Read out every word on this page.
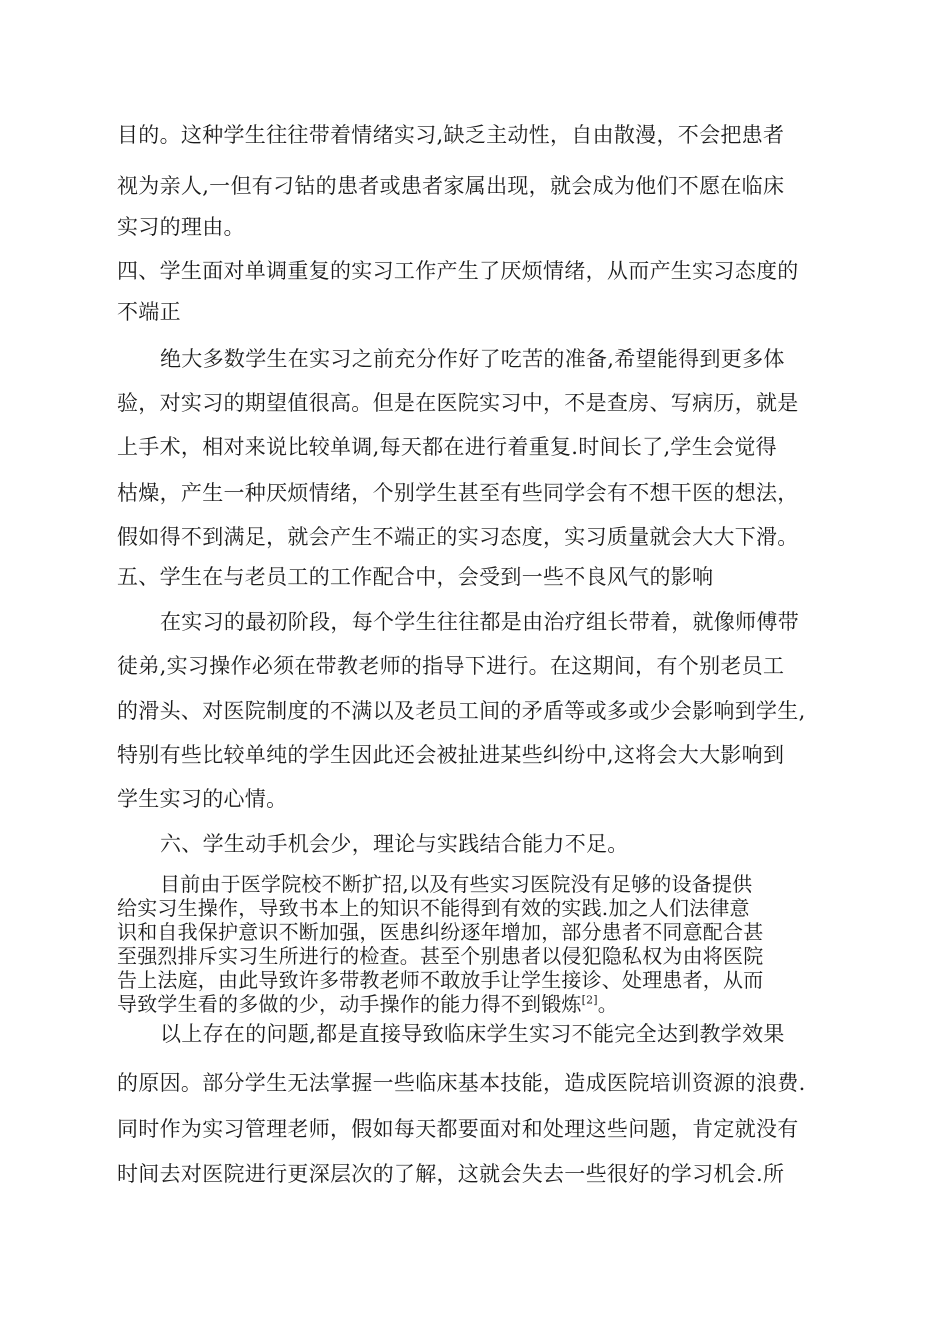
目的。这种学生往往带着情绪实习,缺乏主动性，自由散漫，不会把患者
视为亲人,一但有刁钻的患者或患者家属出现，就会成为他们不愿在临床
实习的理由。
四、学生面对单调重复的实习工作产生了厌烦情绪，从而产生实习态度的
不端正
绝大多数学生在实习之前充分作好了吃苦的准备,希望能得到更多体
验，对实习的期望值很高。但是在医院实习中，不是查房、写病历，就是
上手术，相对来说比较单调,每天都在进行着重复.时间长了,学生会觉得
枯燥，产生一种厌烦情绪，个别学生甚至有些同学会有不想干医的想法，
假如得不到满足，就会产生不端正的实习态度，实习质量就会大大下滑。
五、学生在与老员工的工作配合中，会受到一些不良风气的影响
在实习的最初阶段，每个学生往往都是由治疗组长带着，就像师傅带
徒弟,实习操作必须在带教老师的指导下进行。在这期间，有个别老员工
的滑头、对医院制度的不满以及老员工间的矛盾等或多或少会影响到学生,
特别有些比较单纯的学生因此还会被扯进某些纠纷中,这将会大大影响到
学生实习的心情。
六、学生动手机会少，理论与实践结合能力不足。
目前由于医学院校不断扩招,以及有些实习医院没有足够的设备提供
给实习生操作，导致书本上的知识不能得到有效的实践.加之人们法律意
识和自我保护意识不断加强，医患纠纷逐年增加，部分患者不同意配合甚
至强烈排斥实习生所进行的检查。甚至个别患者以侵犯隐私权为由将医院
告上法庭，由此导致许多带教老师不敢放手让学生接诊、处理患者，从而
导致学生看的多做的少，动手操作的能力得不到锻炼[2]。
以上存在的问题,都是直接导致临床学生实习不能完全达到教学效果
的原因。部分学生无法掌握一些临床基本技能，造成医院培训资源的浪费.
同时作为实习管理老师，假如每天都要面对和处理这些问题，肯定就没有
时间去对医院进行更深层次的了解，这就会失去一些很好的学习机会.所
